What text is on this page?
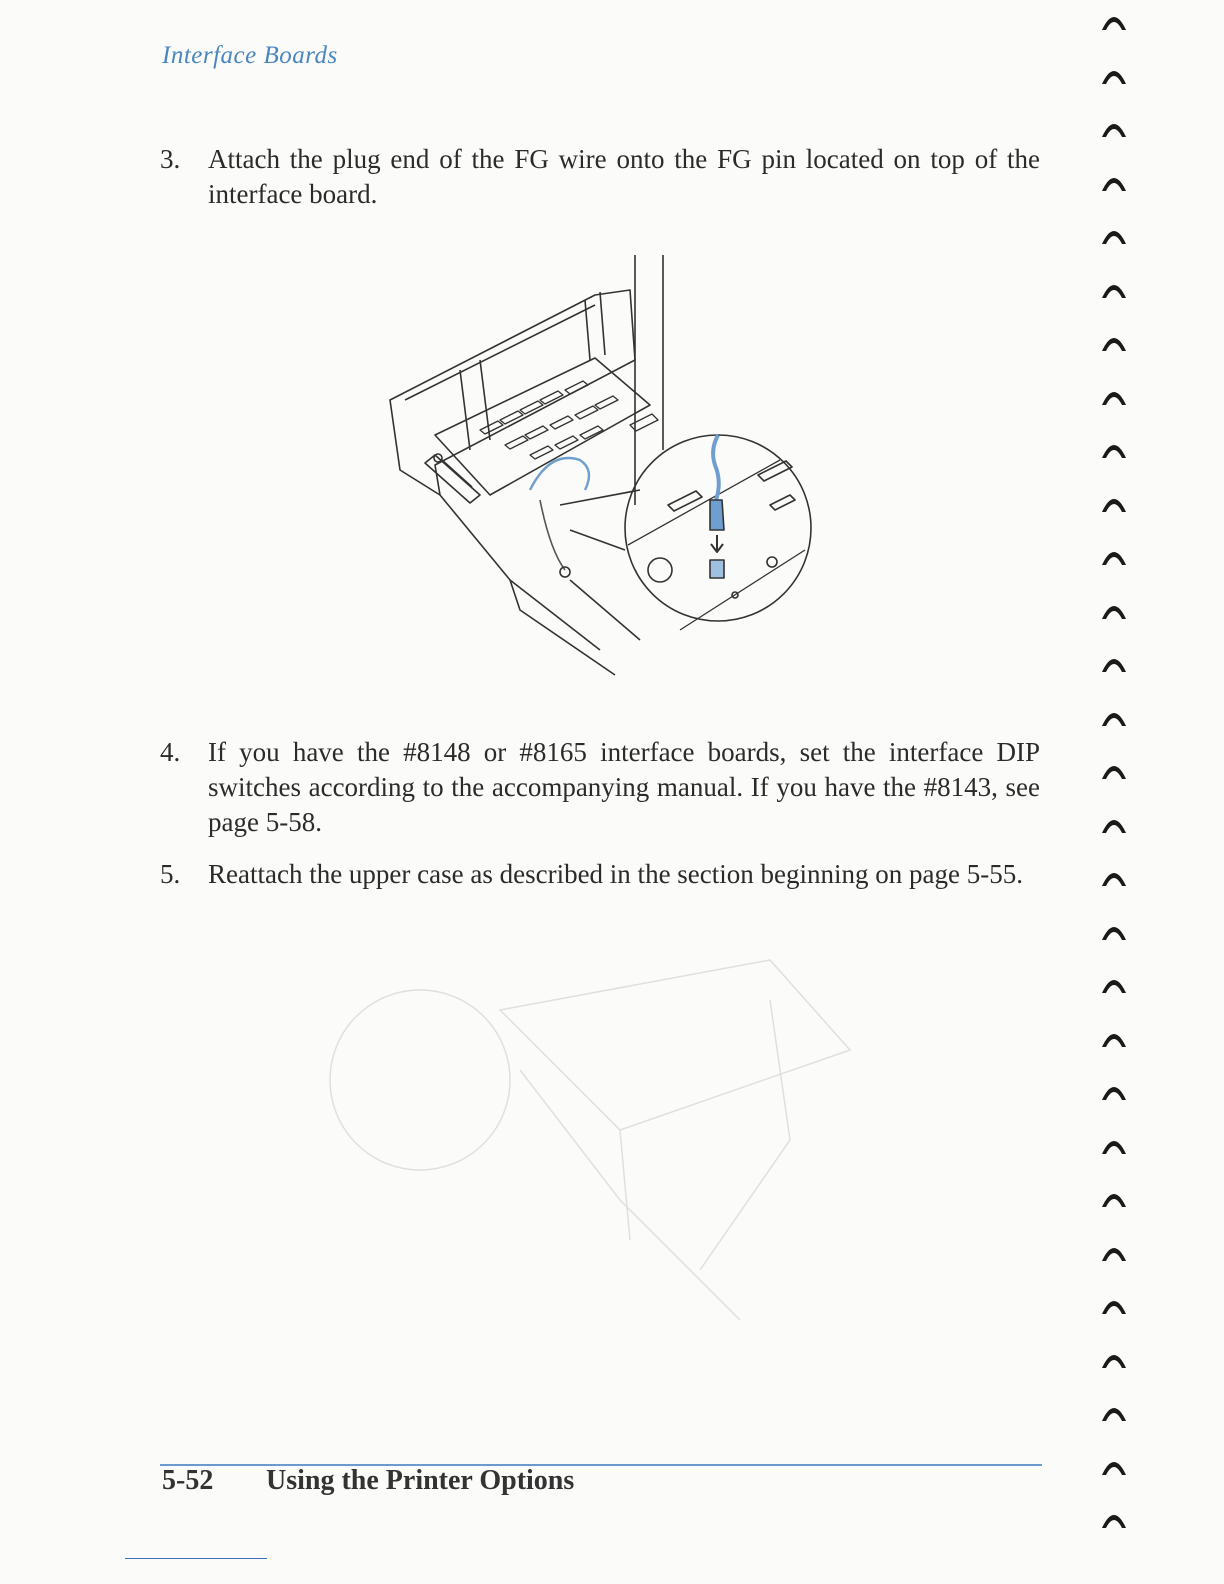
Interface Boards
3.	Attach the plug end of the FG wire onto the FG pin located on top of the interface board.
4.	If you have the #8148 or #8165 interface boards, set the interface DIP switches according to the accompanying manual. If you have the #8143, see page 5-58.
5.	Reattach the upper case as described in the section beginning on page 5-55.
5-52	Using the Printer Options
